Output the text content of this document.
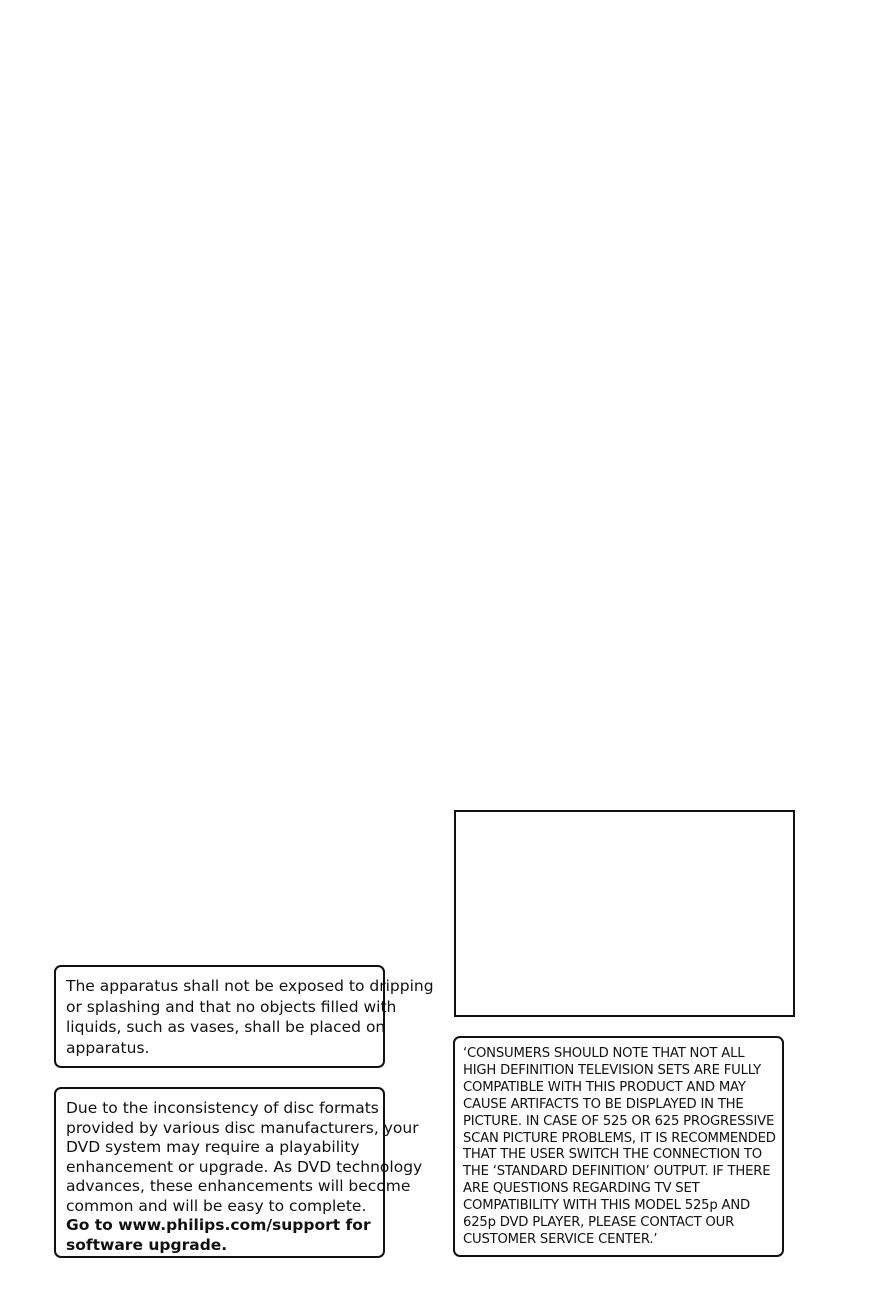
The apparatus shall not be exposed to dripping
or splashing and that no objects filled with
liquids, such as vases, shall be placed on
apparatus.
Due to the inconsistency of disc formats
provided by various disc manufacturers, your
DVD system may require a playability
enhancement or upgrade. As DVD technology
advances, these enhancements will become
common and will be easy to complete.
Go to www.philips.com/support for
software upgrade.
‘CONSUMERS SHOULD NOTE THAT NOT ALL
HIGH DEFINITION TELEVISION SETS ARE FULLY
COMPATIBLE WITH THIS PRODUCT AND MAY
CAUSE ARTIFACTS TO BE DISPLAYED IN THE
PICTURE. IN CASE OF 525 OR 625 PROGRESSIVE
SCAN PICTURE PROBLEMS, IT IS RECOMMENDED
THAT THE USER SWITCH THE CONNECTION TO
THE ‘STANDARD DEFINITION’ OUTPUT. IF THERE
ARE QUESTIONS REGARDING TV SET
COMPATIBILITY WITH THIS MODEL 525p AND
625p DVD PLAYER, PLEASE CONTACT OUR
CUSTOMER SERVICE CENTER.’
